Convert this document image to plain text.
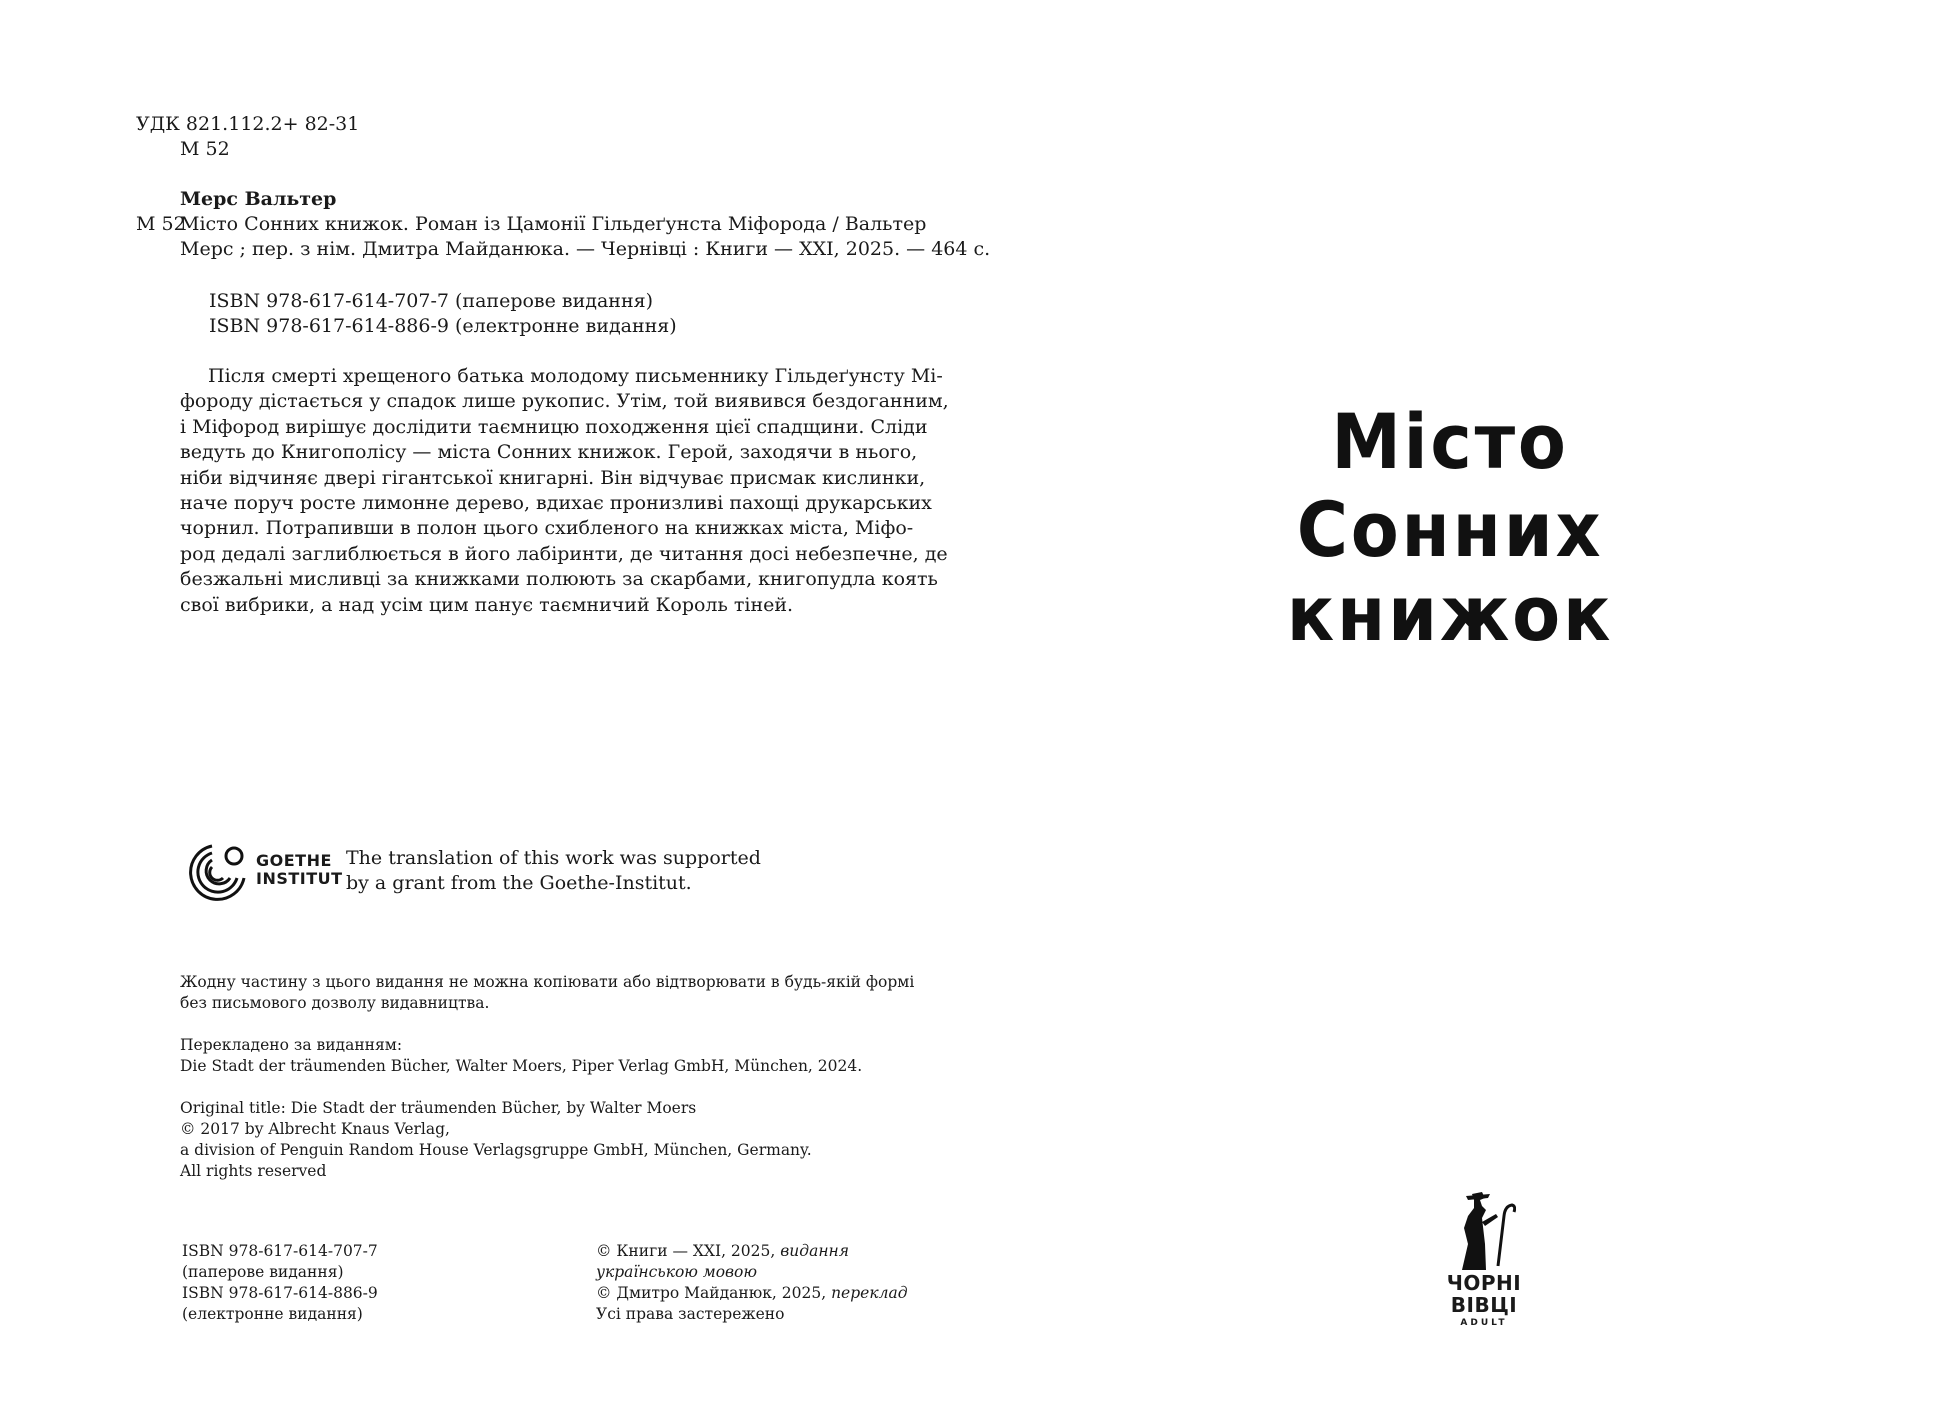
УДК 821.112.2+ 82-31
М 52
Мерс Вальтер
М 52
Місто Сонних книжок. Роман із Цамонії Гільдеґунста Міфорода / Вальтер
Мерс ; пер. з нім. Дмитра Майданюка. — Чернівці : Книги — XXI, 2025. — 464 с.
ISBN 978-617-614-707-7 (паперове видання)
ISBN 978-617-614-886-9 (електронне видання)
Після смерті хрещеного батька молодому письменнику Гільдеґунсту Мі-
фороду дістається у спадок лише рукопис. Утім, той виявився бездоганним,
і Міфород вирішує дослідити таємницю походження цієї спадщини. Сліди
ведуть до Книгополісу — міста Сонних книжок. Герой, заходячи в нього,
ніби відчиняє двері гігантської книгарні. Він відчуває присмак кислинки,
наче поруч росте лимонне дерево, вдихає пронизливі пахощі друкарських
чорнил. Потрапивши в полон цього схибленого на книжках міста, Міфо-
род дедалі заглиблюється в його лабіринти, де читання досі небезпечне, де
безжальні мисливці за книжками полюють за скарбами, книгопудла коять
свої вибрики, а над усім цим панує таємничий Король тіней.
GOETHE
INSTITUT
The translation of this work was supported
by a grant from the Goethe-Institut.
Жодну частину з цього видання не можна копіювати або відтворювати в будь-якій формі
без письмового дозволу видавництва.
Перекладено за виданням:
Die Stadt der träumenden Bücher, Walter Moers, Piper Verlag GmbH, München, 2024.
Original title: Die Stadt der träumenden Bücher, by Walter Moers
© 2017 by Albrecht Knaus Verlag,
a division of Penguin Random House Verlagsgruppe GmbH, München, Germany.
All rights reserved
ISBN 978-617-614-707-7
(паперове видання)
ISBN 978-617-614-886-9
(електронне видання)
© Книги — XXI, 2025, видання
українською мовою
© Дмитро Майданюк, 2025, переклад
Усі права застережено
Місто
Сонних книжок
ЧОРНІ
ВІВЦІ
ADULT
